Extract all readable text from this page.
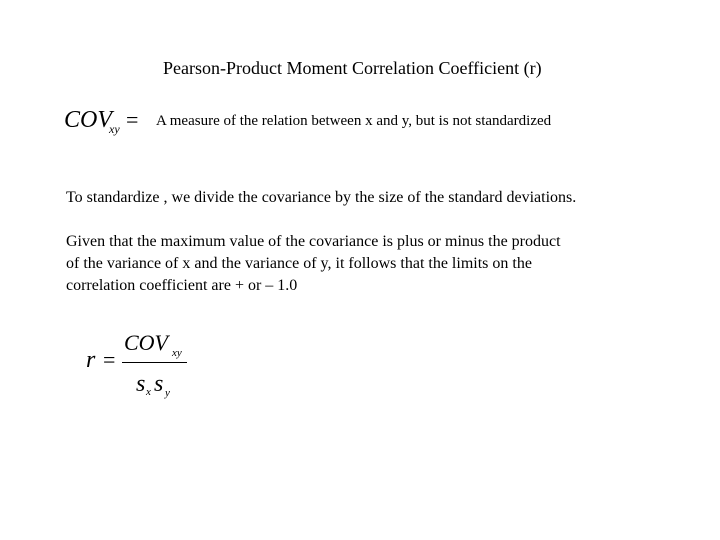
Pearson-Product Moment Correlation Coefficient (r)
COV
xy = A measure of the relation between x and y, but is not standardized
To standardize , we divide the covariance by the size of the standard deviations.
Given that the maximum value of the covariance is plus or minus the product
of the variance of x and the variance of y, it follows that the limits on the
correlation coefficient are + or – 1.0
r =
COV xy
s x s y
